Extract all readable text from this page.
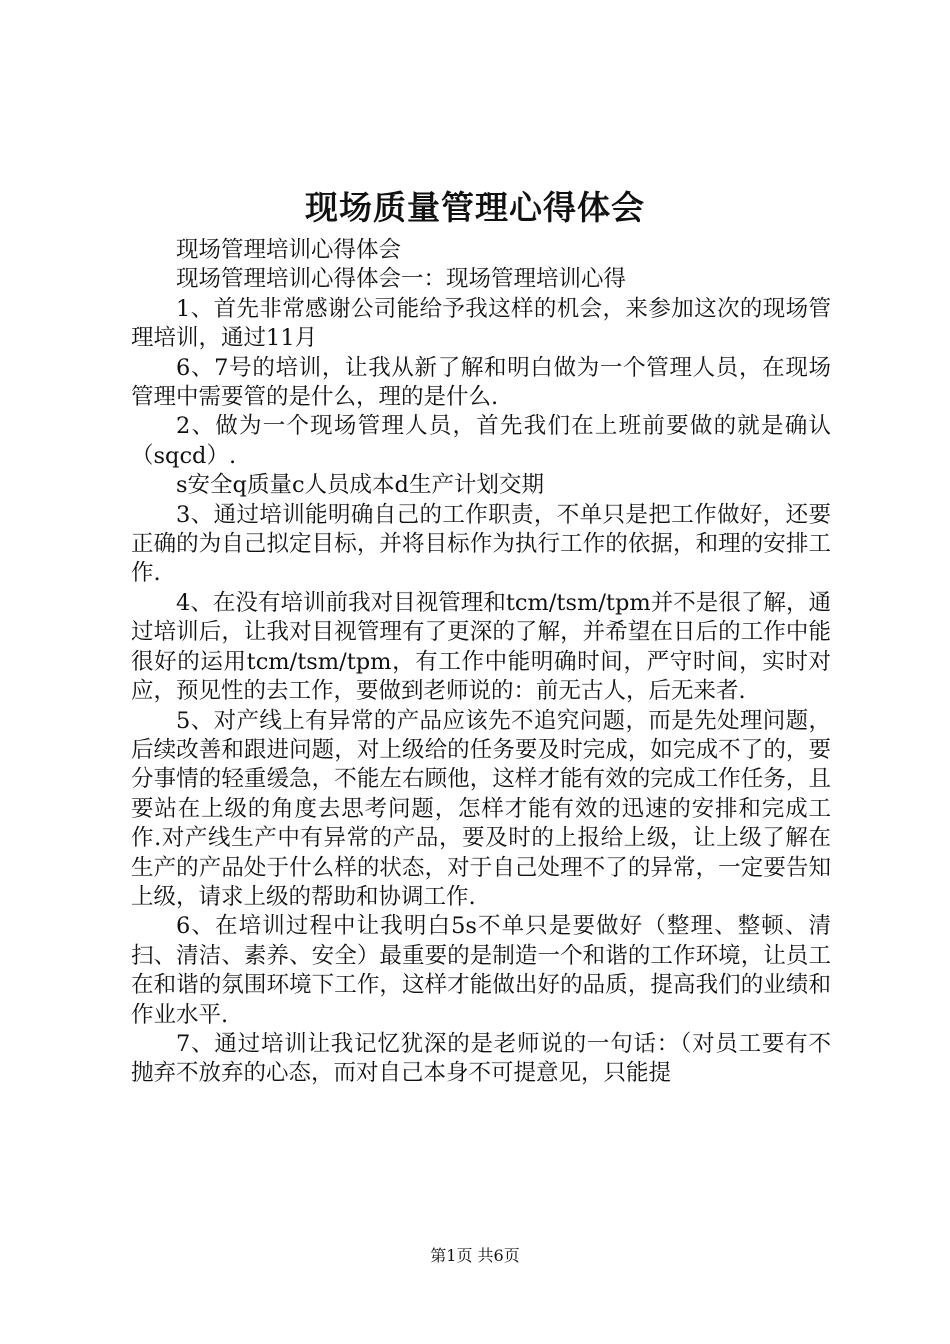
现场质量管理心得体会

现场管理培训心得体会

现场管理培训心得体会一：现场管理培训心得

1、首先非常感谢公司能给予我这样的机会，来参加这次的现场管理培训，通过11月

6、7号的培训，让我从新了解和明白做为一个管理人员，在现场管理中需要管的是什么，理的是什么.

2、做为一个现场管理人员，首先我们在上班前要做的就是确认（sqcd）.

s安全q质量c人员成本d生产计划交期

3、通过培训能明确自己的工作职责，不单只是把工作做好，还要正确的为自己拟定目标，并将目标作为执行工作的依据，和理的安排工作.

4、在没有培训前我对目视管理和tcm/tsm/tpm并不是很了解，通过培训后，让我对目视管理有了更深的了解，并希望在日后的工作中能很好的运用tcm/tsm/tpm，有工作中能明确时间，严守时间，实时对应，预见性的去工作，要做到老师说的：前无古人，后无来者.

5、对产线上有异常的产品应该先不追究问题，而是先处理问题，后续改善和跟进问题，对上级给的任务要及时完成，如完成不了的，要分事情的轻重缓急，不能左右顾他，这样才能有效的完成工作任务，且要站在上级的角度去思考问题，怎样才能有效的迅速的安排和完成工作.对产线生产中有异常的产品，要及时的上报给上级，让上级了解在生产的产品处于什么样的状态，对于自己处理不了的异常，一定要告知上级，请求上级的帮助和协调工作.

6、在培训过程中让我明白5s不单只是要做好（整理、整顿、清扫、清洁、素养、安全）最重要的是制造一个和谐的工作环境，让员工在和谐的氛围环境下工作，这样才能做出好的品质，提高我们的业绩和作业水平.

7、通过培训让我记忆犹深的是老师说的一句话：（对员工要有不抛弃不放弃的心态，而对自己本身不可提意见，只能提

第1页 共6页
